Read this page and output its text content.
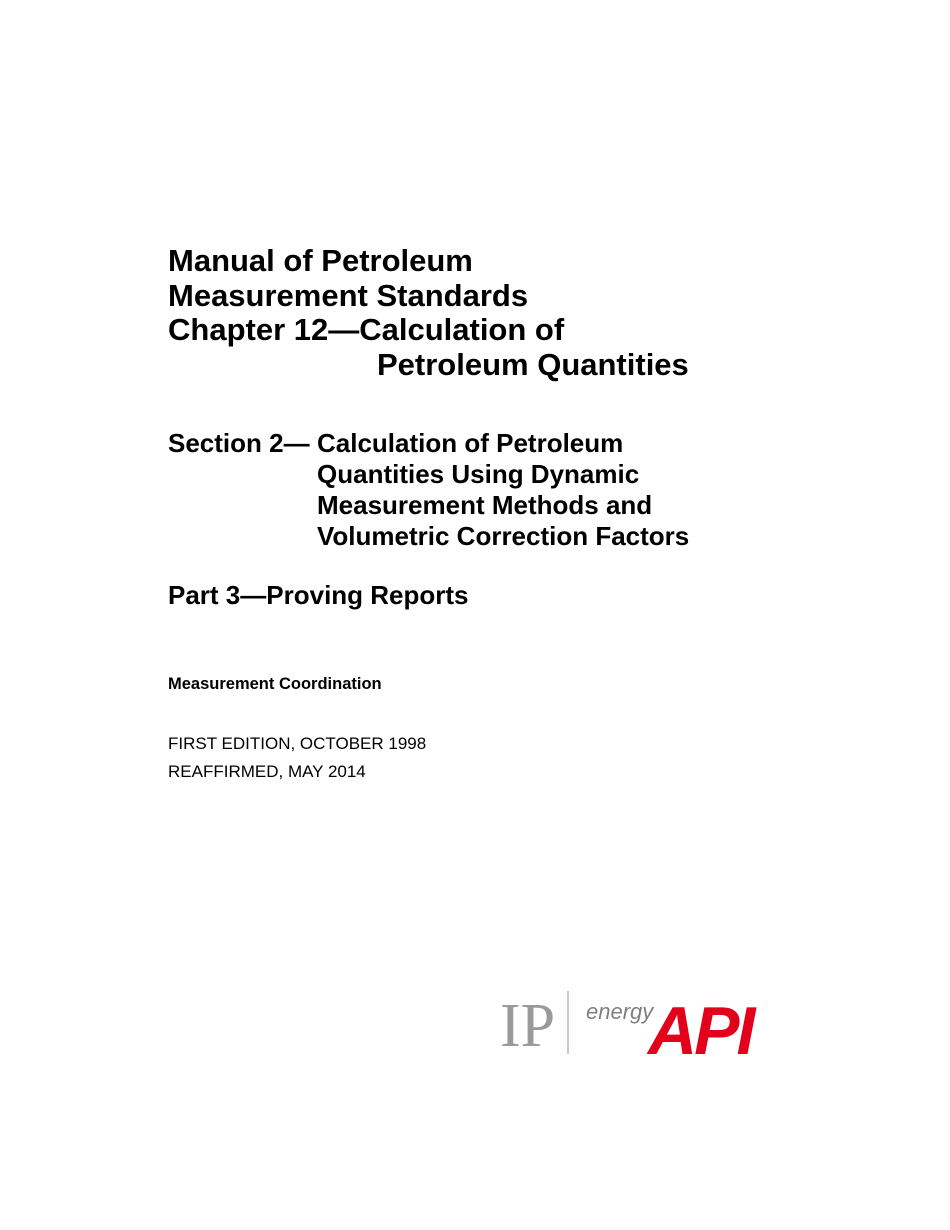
Manual of Petroleum
Measurement Standards
Chapter 12—Calculation of
Petroleum Quantities
Section 2— Calculation of Petroleum
Quantities Using Dynamic
Measurement Methods and
Volumetric Correction Factors
Part 3—Proving Reports
Measurement Coordination
FIRST EDITION, OCTOBER 1998
REAFFIRMED, MAY 2014
IP energy
API
